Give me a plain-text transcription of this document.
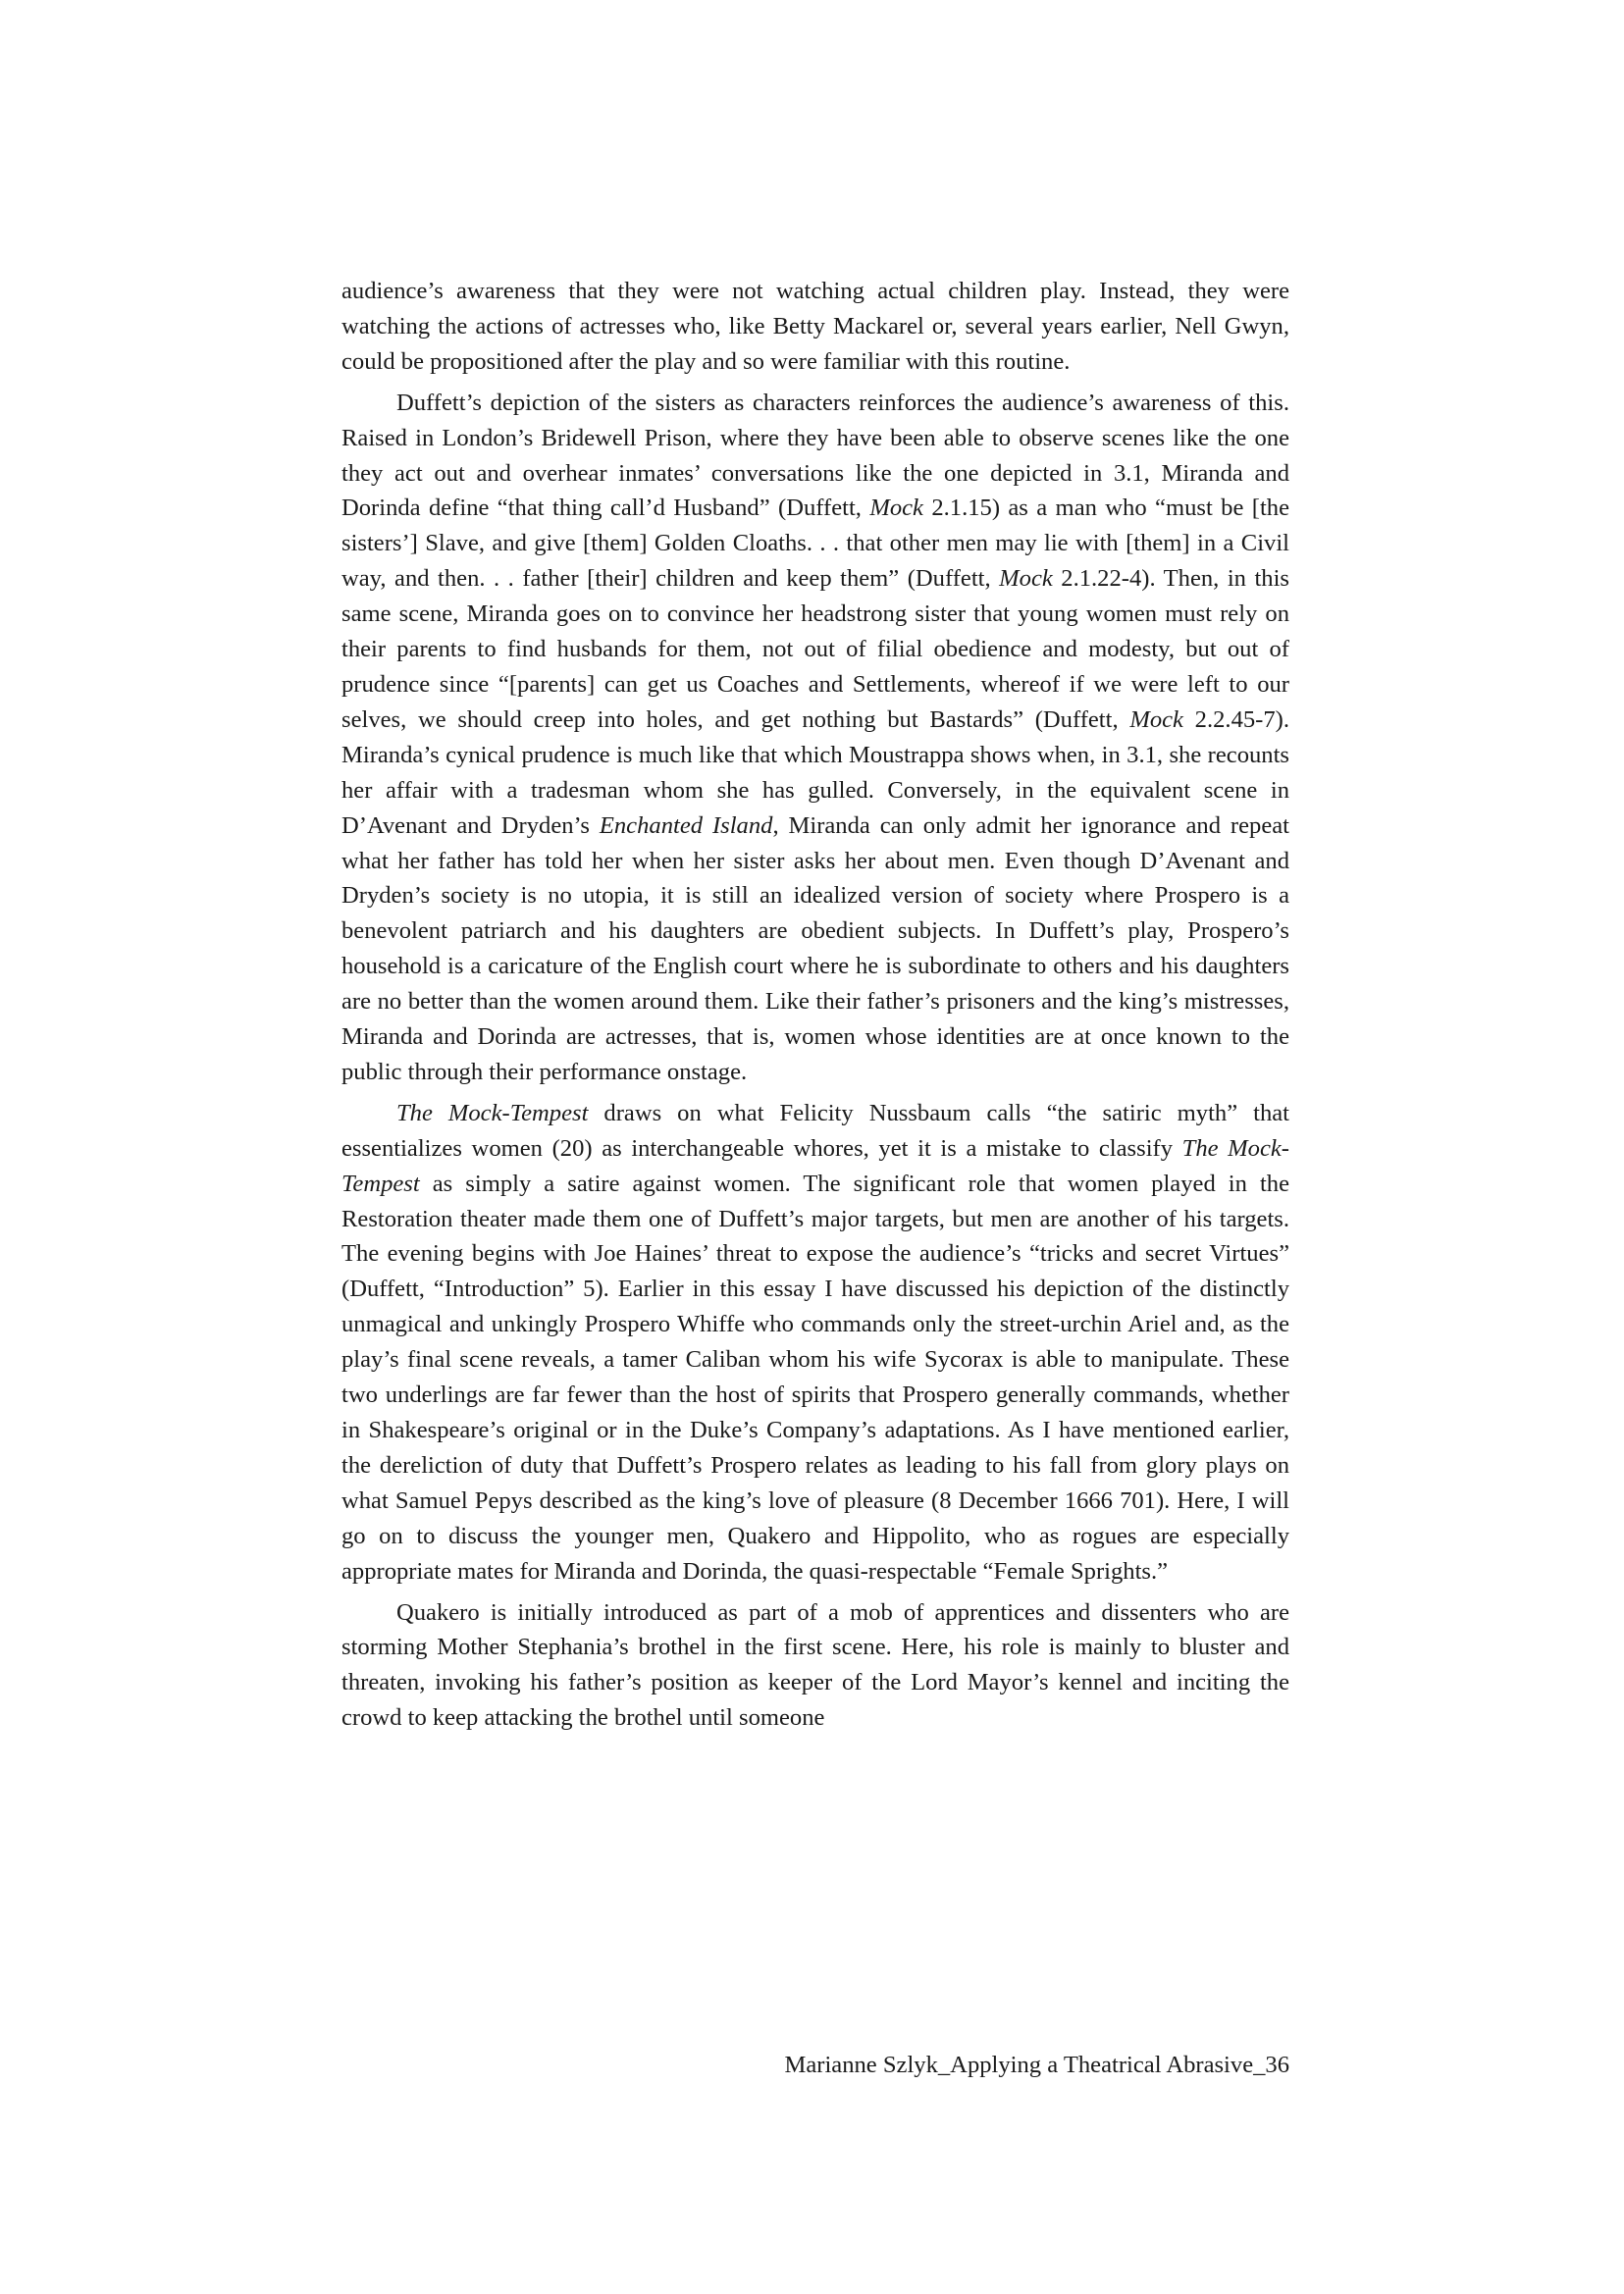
audience’s awareness that they were not watching actual children play. Instead, they were watching the actions of actresses who, like Betty Mackarel or, several years earlier, Nell Gwyn, could be propositioned after the play and so were familiar with this routine.

Duffett’s depiction of the sisters as characters reinforces the audience’s awareness of this. Raised in London’s Bridewell Prison, where they have been able to observe scenes like the one they act out and overhear inmates’ conversations like the one depicted in 3.1, Miranda and Dorinda define “that thing call’d Husband” (Duffett, Mock 2.1.15) as a man who “must be [the sisters’] Slave, and give [them] Golden Cloaths. . . that other men may lie with [them] in a Civil way, and then. . . father [their] children and keep them” (Duffett, Mock 2.1.22-4). Then, in this same scene, Miranda goes on to convince her headstrong sister that young women must rely on their parents to find husbands for them, not out of filial obedience and modesty, but out of prudence since “[parents] can get us Coaches and Settlements, whereof if we were left to our selves, we should creep into holes, and get nothing but Bastards” (Duffett, Mock 2.2.45-7). Miranda’s cynical prudence is much like that which Moustrappa shows when, in 3.1, she recounts her affair with a tradesman whom she has gulled. Conversely, in the equivalent scene in D’Avenant and Dryden’s Enchanted Island, Miranda can only admit her ignorance and repeat what her father has told her when her sister asks her about men. Even though D’Avenant and Dryden’s society is no utopia, it is still an idealized version of society where Prospero is a benevolent patriarch and his daughters are obedient subjects. In Duffett’s play, Prospero’s household is a caricature of the English court where he is subordinate to others and his daughters are no better than the women around them. Like their father’s prisoners and the king’s mistresses, Miranda and Dorinda are actresses, that is, women whose identities are at once known to the public through their performance onstage.

The Mock-Tempest draws on what Felicity Nussbaum calls “the satiric myth” that essentializes women (20) as interchangeable whores, yet it is a mistake to classify The Mock-Tempest as simply a satire against women. The significant role that women played in the Restoration theater made them one of Duffett’s major targets, but men are another of his targets. The evening begins with Joe Haines’ threat to expose the audience’s “tricks and secret Virtues” (Duffett, “Introduction” 5). Earlier in this essay I have discussed his depiction of the distinctly unmagical and unkingly Prospero Whiffe who commands only the street-urchin Ariel and, as the play’s final scene reveals, a tamer Caliban whom his wife Sycorax is able to manipulate. These two underlings are far fewer than the host of spirits that Prospero generally commands, whether in Shakespeare’s original or in the Duke’s Company’s adaptations. As I have mentioned earlier, the dereliction of duty that Duffett’s Prospero relates as leading to his fall from glory plays on what Samuel Pepys described as the king’s love of pleasure (8 December 1666 701). Here, I will go on to discuss the younger men, Quakero and Hippolito, who as rogues are especially appropriate mates for Miranda and Dorinda, the quasi-respectable “Female Sprights.”

Quakero is initially introduced as part of a mob of apprentices and dissenters who are storming Mother Stephania’s brothel in the first scene. Here, his role is mainly to bluster and threaten, invoking his father’s position as keeper of the Lord Mayor’s kennel and inciting the crowd to keep attacking the brothel until someone

Marianne Szlyk_Applying a Theatrical Abrasive_36
